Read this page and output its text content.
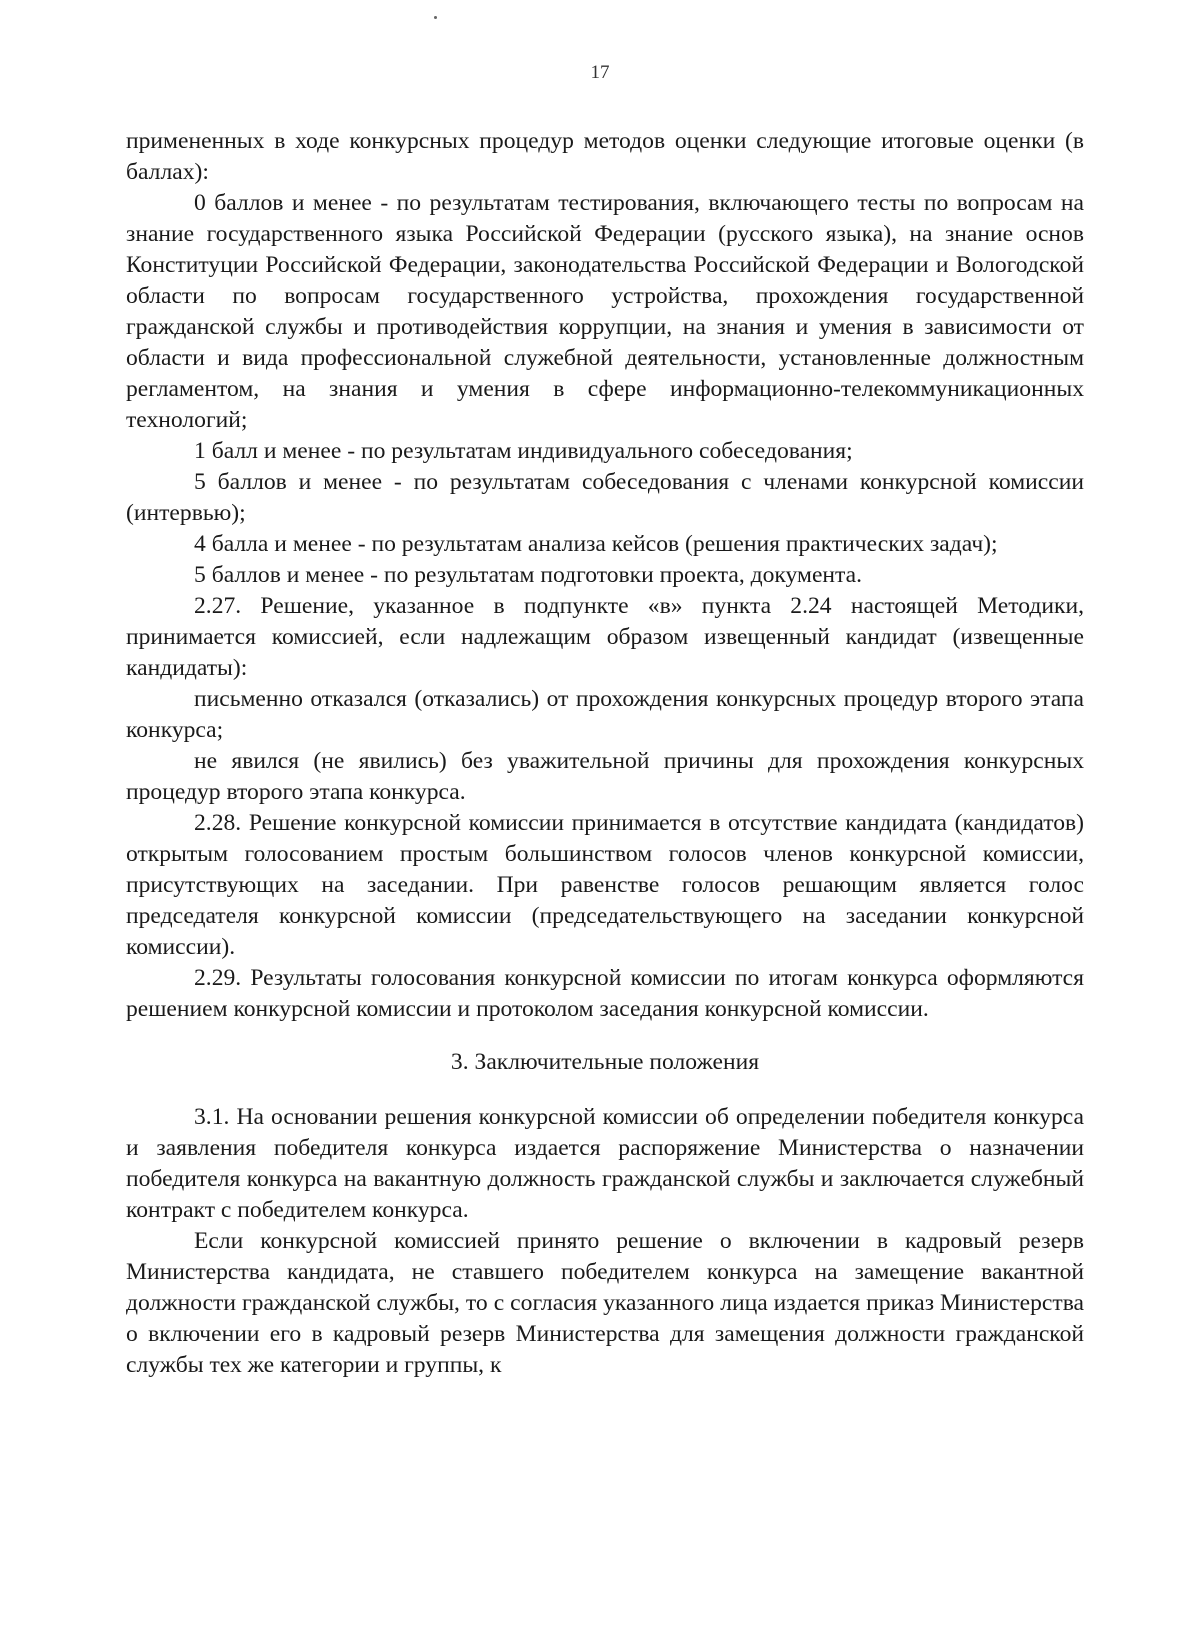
17

примененных в ходе конкурсных процедур методов оценки следующие итоговые оценки (в баллах):

0 баллов и менее - по результатам тестирования, включающего тесты по вопросам на знание государственного языка Российской Федерации (русского языка), на знание основ Конституции Российской Федерации, законодательства Российской Федерации и Вологодской области по вопросам государственного устройства, прохождения государственной гражданской службы и противодействия коррупции, на знания и умения в зависимости от области и вида профессиональной служебной деятельности, установленные должностным регламентом, на знания и умения в сфере информационно-телекоммуникационных технологий;

1 балл и менее - по результатам индивидуального собеседования;

5 баллов и менее - по результатам собеседования с членами конкурсной комиссии (интервью);

4 балла и менее - по результатам анализа кейсов (решения практических задач);

5 баллов и менее - по результатам подготовки проекта, документа.

2.27. Решение, указанное в подпункте «в» пункта 2.24 настоящей Методики, принимается комиссией, если надлежащим образом извещенный кандидат (извещенные кандидаты):

письменно отказался (отказались) от прохождения конкурсных процедур второго этапа конкурса;

не явился (не явились) без уважительной причины для прохождения конкурсных процедур второго этапа конкурса.

2.28. Решение конкурсной комиссии принимается в отсутствие кандидата (кандидатов) открытым голосованием простым большинством голосов членов конкурсной комиссии, присутствующих на заседании. При равенстве голосов решающим является голос председателя конкурсной комиссии (председательствующего на заседании конкурсной комиссии).

2.29. Результаты голосования конкурсной комиссии по итогам конкурса оформляются решением конкурсной комиссии и протоколом заседания конкурсной комиссии.

3. Заключительные положения

3.1. На основании решения конкурсной комиссии об определении победителя конкурса и заявления победителя конкурса издается распоряжение Министерства о назначении победителя конкурса на вакантную должность гражданской службы и заключается служебный контракт с победителем конкурса.

Если конкурсной комиссией принято решение о включении в кадровый резерв Министерства кандидата, не ставшего победителем конкурса на замещение вакантной должности гражданской службы, то с согласия указанного лица издается приказ Министерства о включении его в кадровый резерв Министерства для замещения должности гражданской службы тех же категории и группы, к
